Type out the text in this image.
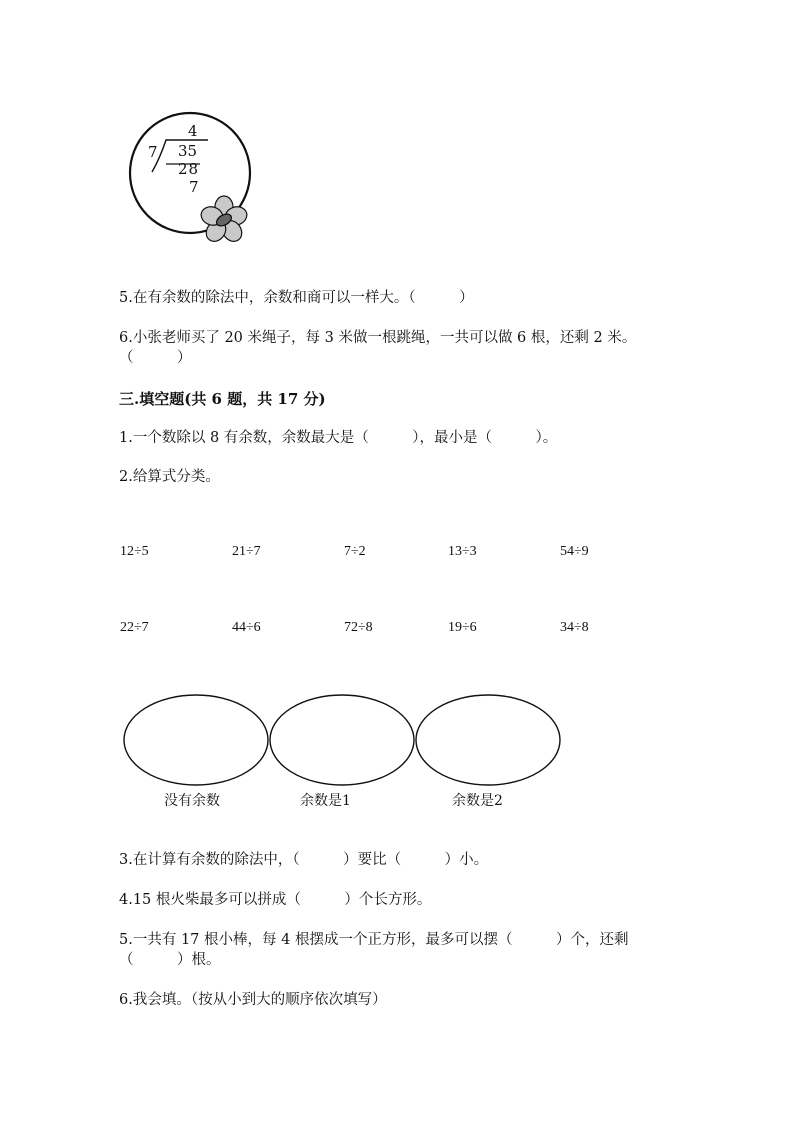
4
7 35
28
7
5.在有余数的除法中，余数和商可以一样大。（　　　）
6.小张老师买了 20 米绳子，每 3 米做一根跳绳，一共可以做 6 根，还剩 2 米。
（　　　）
三.填空题(共 6 题，共 17 分)
1.一个数除以 8 有余数，余数最大是（　　　），最小是（　　　）。
2.给算式分类。
12÷5	21÷7	7÷2	13÷3	54÷9
22÷7	44÷6	72÷8	19÷6	34÷8
没有余数	余数是1	余数是2
3.在计算有余数的除法中，（　　　）要比（　　　）小。
4.15 根火柴最多可以拼成（　　　）个长方形。
5.一共有 17 根小棒，每 4 根摆成一个正方形，最多可以摆（　　　）个，还剩
（　　　）根。
6.我会填。（按从小到大的顺序依次填写）
